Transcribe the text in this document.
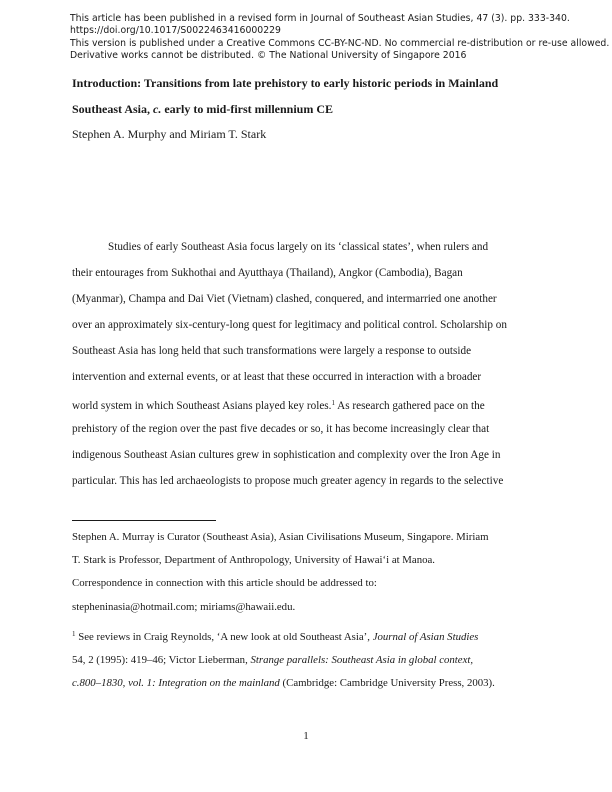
This article has been published in a revised form in Journal of Southeast Asian Studies, 47 (3). pp. 333-340.
https://doi.org/10.1017/S0022463416000229
This version is published under a Creative Commons CC-BY-NC-ND. No commercial re-distribution or re-use allowed.
Derivative works cannot be distributed. © The National University of Singapore 2016
Introduction: Transitions from late prehistory to early historic periods in Mainland
Southeast Asia, c. early to mid-first millennium CE
Stephen A. Murphy and Miriam T. Stark
Studies of early Southeast Asia focus largely on its ‘classical states’, when rulers and
their entourages from Sukhothai and Ayutthaya (Thailand), Angkor (Cambodia), Bagan
(Myanmar), Champa and Dai Viet (Vietnam) clashed, conquered, and intermarried one another
over an approximately six-century-long quest for legitimacy and political control. Scholarship on
Southeast Asia has long held that such transformations were largely a response to outside
intervention and external events, or at least that these occurred in interaction with a broader
world system in which Southeast Asians played key roles.$^1$ As research gathered pace on the
prehistory of the region over the past five decades or so, it has become increasingly clear that
indigenous Southeast Asian cultures grew in sophistication and complexity over the Iron Age in
particular. This has led archaeologists to propose much greater agency in regards to the selective
Stephen A. Murray is Curator (Southeast Asia), Asian Civilisations Museum, Singapore. Miriam
T. Stark is Professor, Department of Anthropology, University of Hawai‘i at Manoa.
Correspondence in connection with this article should be addressed to:
stepheninasia@hotmail.com; miriams@hawaii.edu.
$^1$ See reviews in Craig Reynolds, ‘A new look at old Southeast Asia’, Journal of Asian Studies
54, 2 (1995): 419–46; Victor Lieberman, Strange parallels: Southeast Asia in global context,
c.800–1830, vol. 1: Integration on the mainland (Cambridge: Cambridge University Press, 2003).
1
